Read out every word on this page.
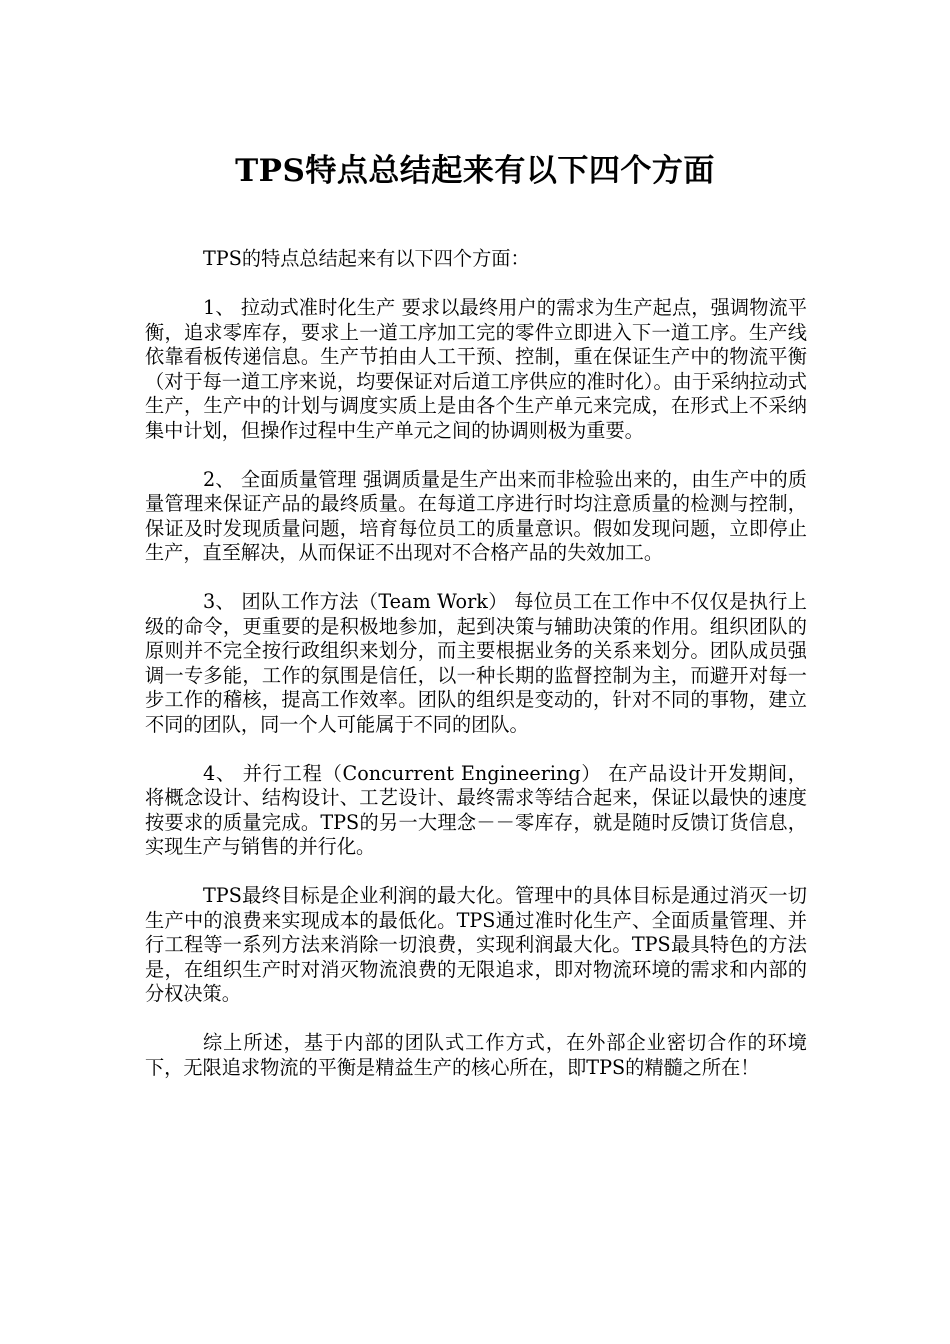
TPS特点总结起来有以下四个方面

TPS的特点总结起来有以下四个方面：

1、 拉动式准时化生产 要求以最终用户的需求为生产起点，强调物流平衡，追求零库存，要求上一道工序加工完的零件立即进入下一道工序。生产线依靠看板传递信息。生产节拍由人工干预、控制，重在保证生产中的物流平衡（对于每一道工序来说，均要保证对后道工序供应的准时化）。由于采纳拉动式生产，生产中的计划与调度实质上是由各个生产单元来完成，在形式上不采纳集中计划，但操作过程中生产单元之间的协调则极为重要。

2、 全面质量管理 强调质量是生产出来而非检验出来的，由生产中的质量管理来保证产品的最终质量。在每道工序进行时均注意质量的检测与控制，保证及时发现质量问题，培育每位员工的质量意识。假如发现问题，立即停止生产，直至解决，从而保证不出现对不合格产品的失效加工。

3、 团队工作方法（Team Work） 每位员工在工作中不仅仅是执行上级的命令，更重要的是积极地参加，起到决策与辅助决策的作用。组织团队的原则并不完全按行政组织来划分，而主要根据业务的关系来划分。团队成员强调一专多能，工作的氛围是信任，以一种长期的监督控制为主，而避开对每一步工作的稽核，提高工作效率。团队的组织是变动的，针对不同的事物，建立不同的团队，同一个人可能属于不同的团队。

4、 并行工程（Concurrent Engineering） 在产品设计开发期间，将概念设计、结构设计、工艺设计、最终需求等结合起来，保证以最快的速度按要求的质量完成。TPS的另一大理念－－零库存，就是随时反馈订货信息，实现生产与销售的并行化。

TPS最终目标是企业利润的最大化。管理中的具体目标是通过消灭一切生产中的浪费来实现成本的最低化。TPS通过准时化生产、全面质量管理、并行工程等一系列方法来消除一切浪费，实现利润最大化。TPS最具特色的方法是，在组织生产时对消灭物流浪费的无限追求，即对物流环境的需求和内部的分权决策。

综上所述，基于内部的团队式工作方式，在外部企业密切合作的环境下，无限追求物流的平衡是精益生产的核心所在，即TPS的精髓之所在！
